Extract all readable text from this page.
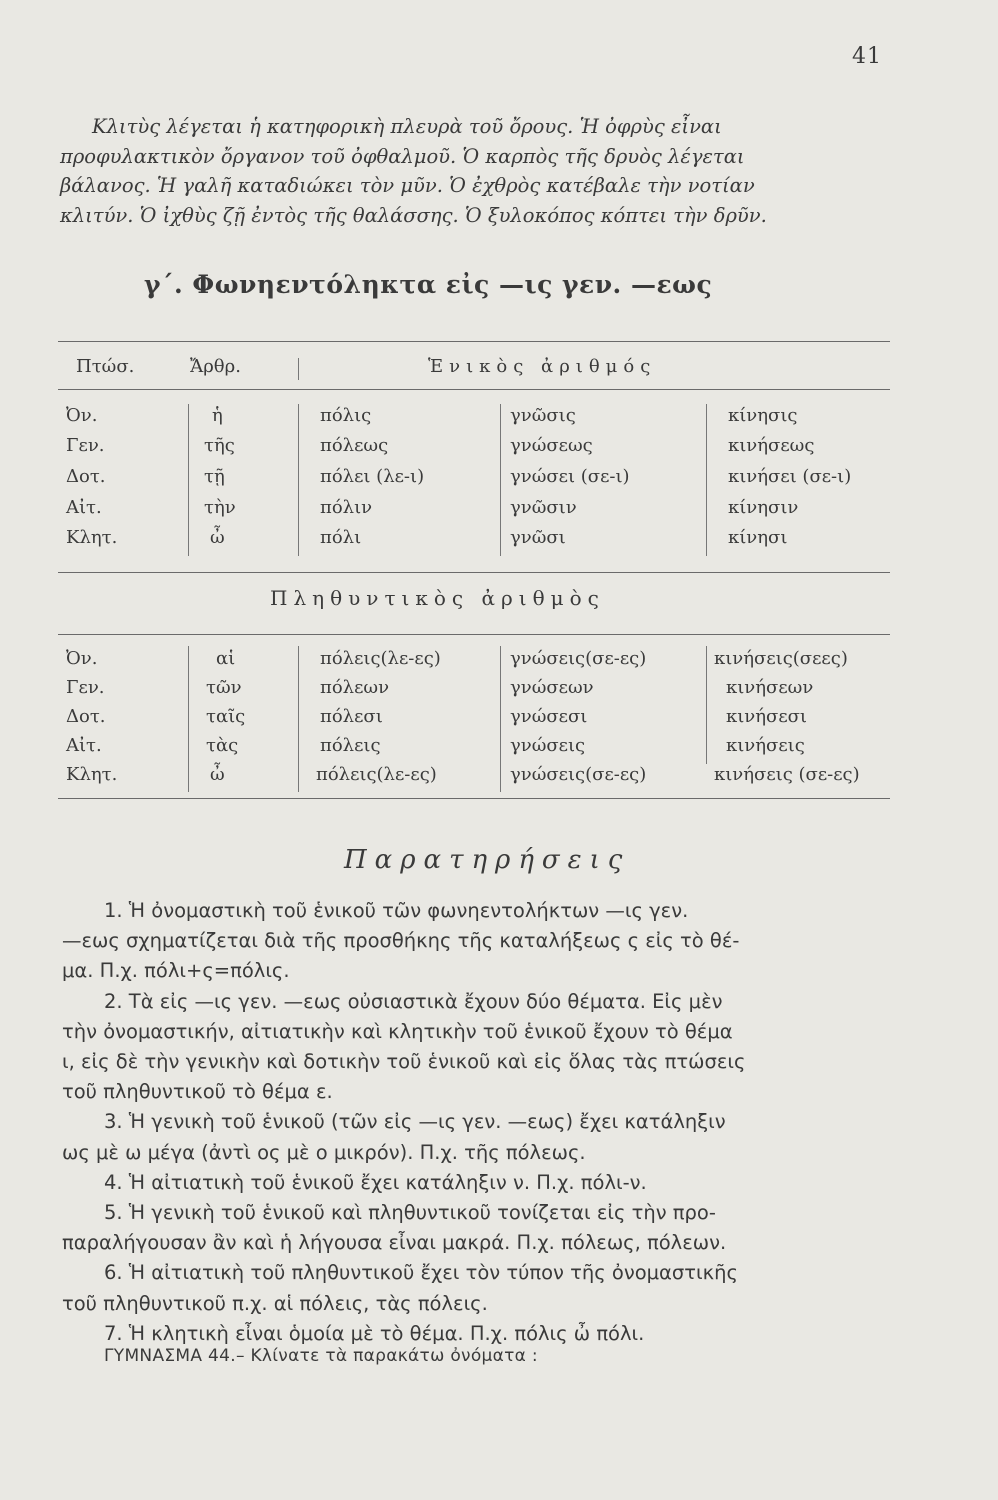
41
Κλιτὺς λέγεται ἡ κατηφορικὴ πλευρὰ τοῦ ὄρους. Ἡ ὀφρὺς εἶναι
προφυλακτικὸν ὄργανον τοῦ ὀφθαλμοῦ. Ὁ καρπὸς τῆς δρυὸς λέγεται
βάλανος. Ἡ γαλῆ καταδιώκει τὸν μῦν. Ὁ ἐχθρὸς κατέβαλε τὴν νοτίαν
κλιτύν. Ὁ ἰχθὺς ζῇ ἐντὸς τῆς θαλάσσης. Ὁ ξυλοκόπος κόπτει τὴν δρῦν.
γ΄. Φωνηεντόληκτα εἰς —ις γεν. —εως
Πτώσ.	Ἄρθρ.	Ἑνικὸς ἀριθμός
Ὀν.	ἡ	πόλις	γνῶσις	κίνησις
Γεν.	τῆς	πόλεως	γνώσεως	κινήσεως
Δοτ.	τῇ	πόλει (λε-ι)	γνώσει (σε-ι)	κινήσει (σε-ι)
Αἰτ.	τὴν	πόλιν	γνῶσιν	κίνησιν
Κλητ.	ὦ	πόλι	γνῶσι	κίνησι
Πληθυντικὸς ἀριθμὸς
Ὀν.	αἱ	πόλεις(λε-ες)	γνώσεις(σε-ες)	κινήσεις(σεες)
Γεν.	τῶν	πόλεων	γνώσεων	κινήσεων
Δοτ.	ταῖς	πόλεσι	γνώσεσι	κινήσεσι
Αἰτ.	τὰς	πόλεις	γνώσεις	κινήσεις
Κλητ.	ὦ	πόλεις(λε-ες)	γνώσεις(σε-ες)	κινήσεις (σε-ες)
Παρατηρήσεις
1. Ἡ ὀνομαστικὴ τοῦ ἑνικοῦ τῶν φωνηεντολήκτων —ις γεν.
—εως σχηματίζεται διὰ τῆς προσθήκης τῆς καταλήξεως ς εἰς τὸ θέ-
μα. Π.χ. πόλι+ς=πόλις.
2. Τὰ εἰς —ις γεν. —εως οὐσιαστικὰ ἔχουν δύο θέματα. Εἰς μὲν
τὴν ὀνομαστικήν, αἰτιατικὴν καὶ κλητικὴν τοῦ ἑνικοῦ ἔχουν τὸ θέμα
ι, εἰς δὲ τὴν γενικὴν καὶ δοτικὴν τοῦ ἑνικοῦ καὶ εἰς ὅλας τὰς πτώσεις
τοῦ πληθυντικοῦ τὸ θέμα ε.
3. Ἡ γενικὴ τοῦ ἑνικοῦ (τῶν εἰς —ις γεν. —εως) ἔχει κατάληξιν
ως μὲ ω μέγα (ἀντὶ ος μὲ ο μικρόν). Π.χ. τῆς πόλεως.
4. Ἡ αἰτιατικὴ τοῦ ἑνικοῦ ἔχει κατάληξιν ν. Π.χ. πόλι-ν.
5. Ἡ γενικὴ τοῦ ἑνικοῦ καὶ πληθυντικοῦ τονίζεται εἰς τὴν προ-
παραλήγουσαν ἂν καὶ ἡ λήγουσα εἶναι μακρά. Π.χ. πόλεως, πόλεων.
6. Ἡ αἰτιατικὴ τοῦ πληθυντικοῦ ἔχει τὸν τύπον τῆς ὀνομαστικῆς
τοῦ πληθυντικοῦ π.χ. αἱ πόλεις, τὰς πόλεις.
7. Ἡ κλητικὴ εἶναι ὁμοία μὲ τὸ θέμα. Π.χ. πόλις ὦ πόλι.
ΓΥΜΝΑΣΜΑ 44.– Κλίνατε τὰ παρακάτω ὀνόματα :
